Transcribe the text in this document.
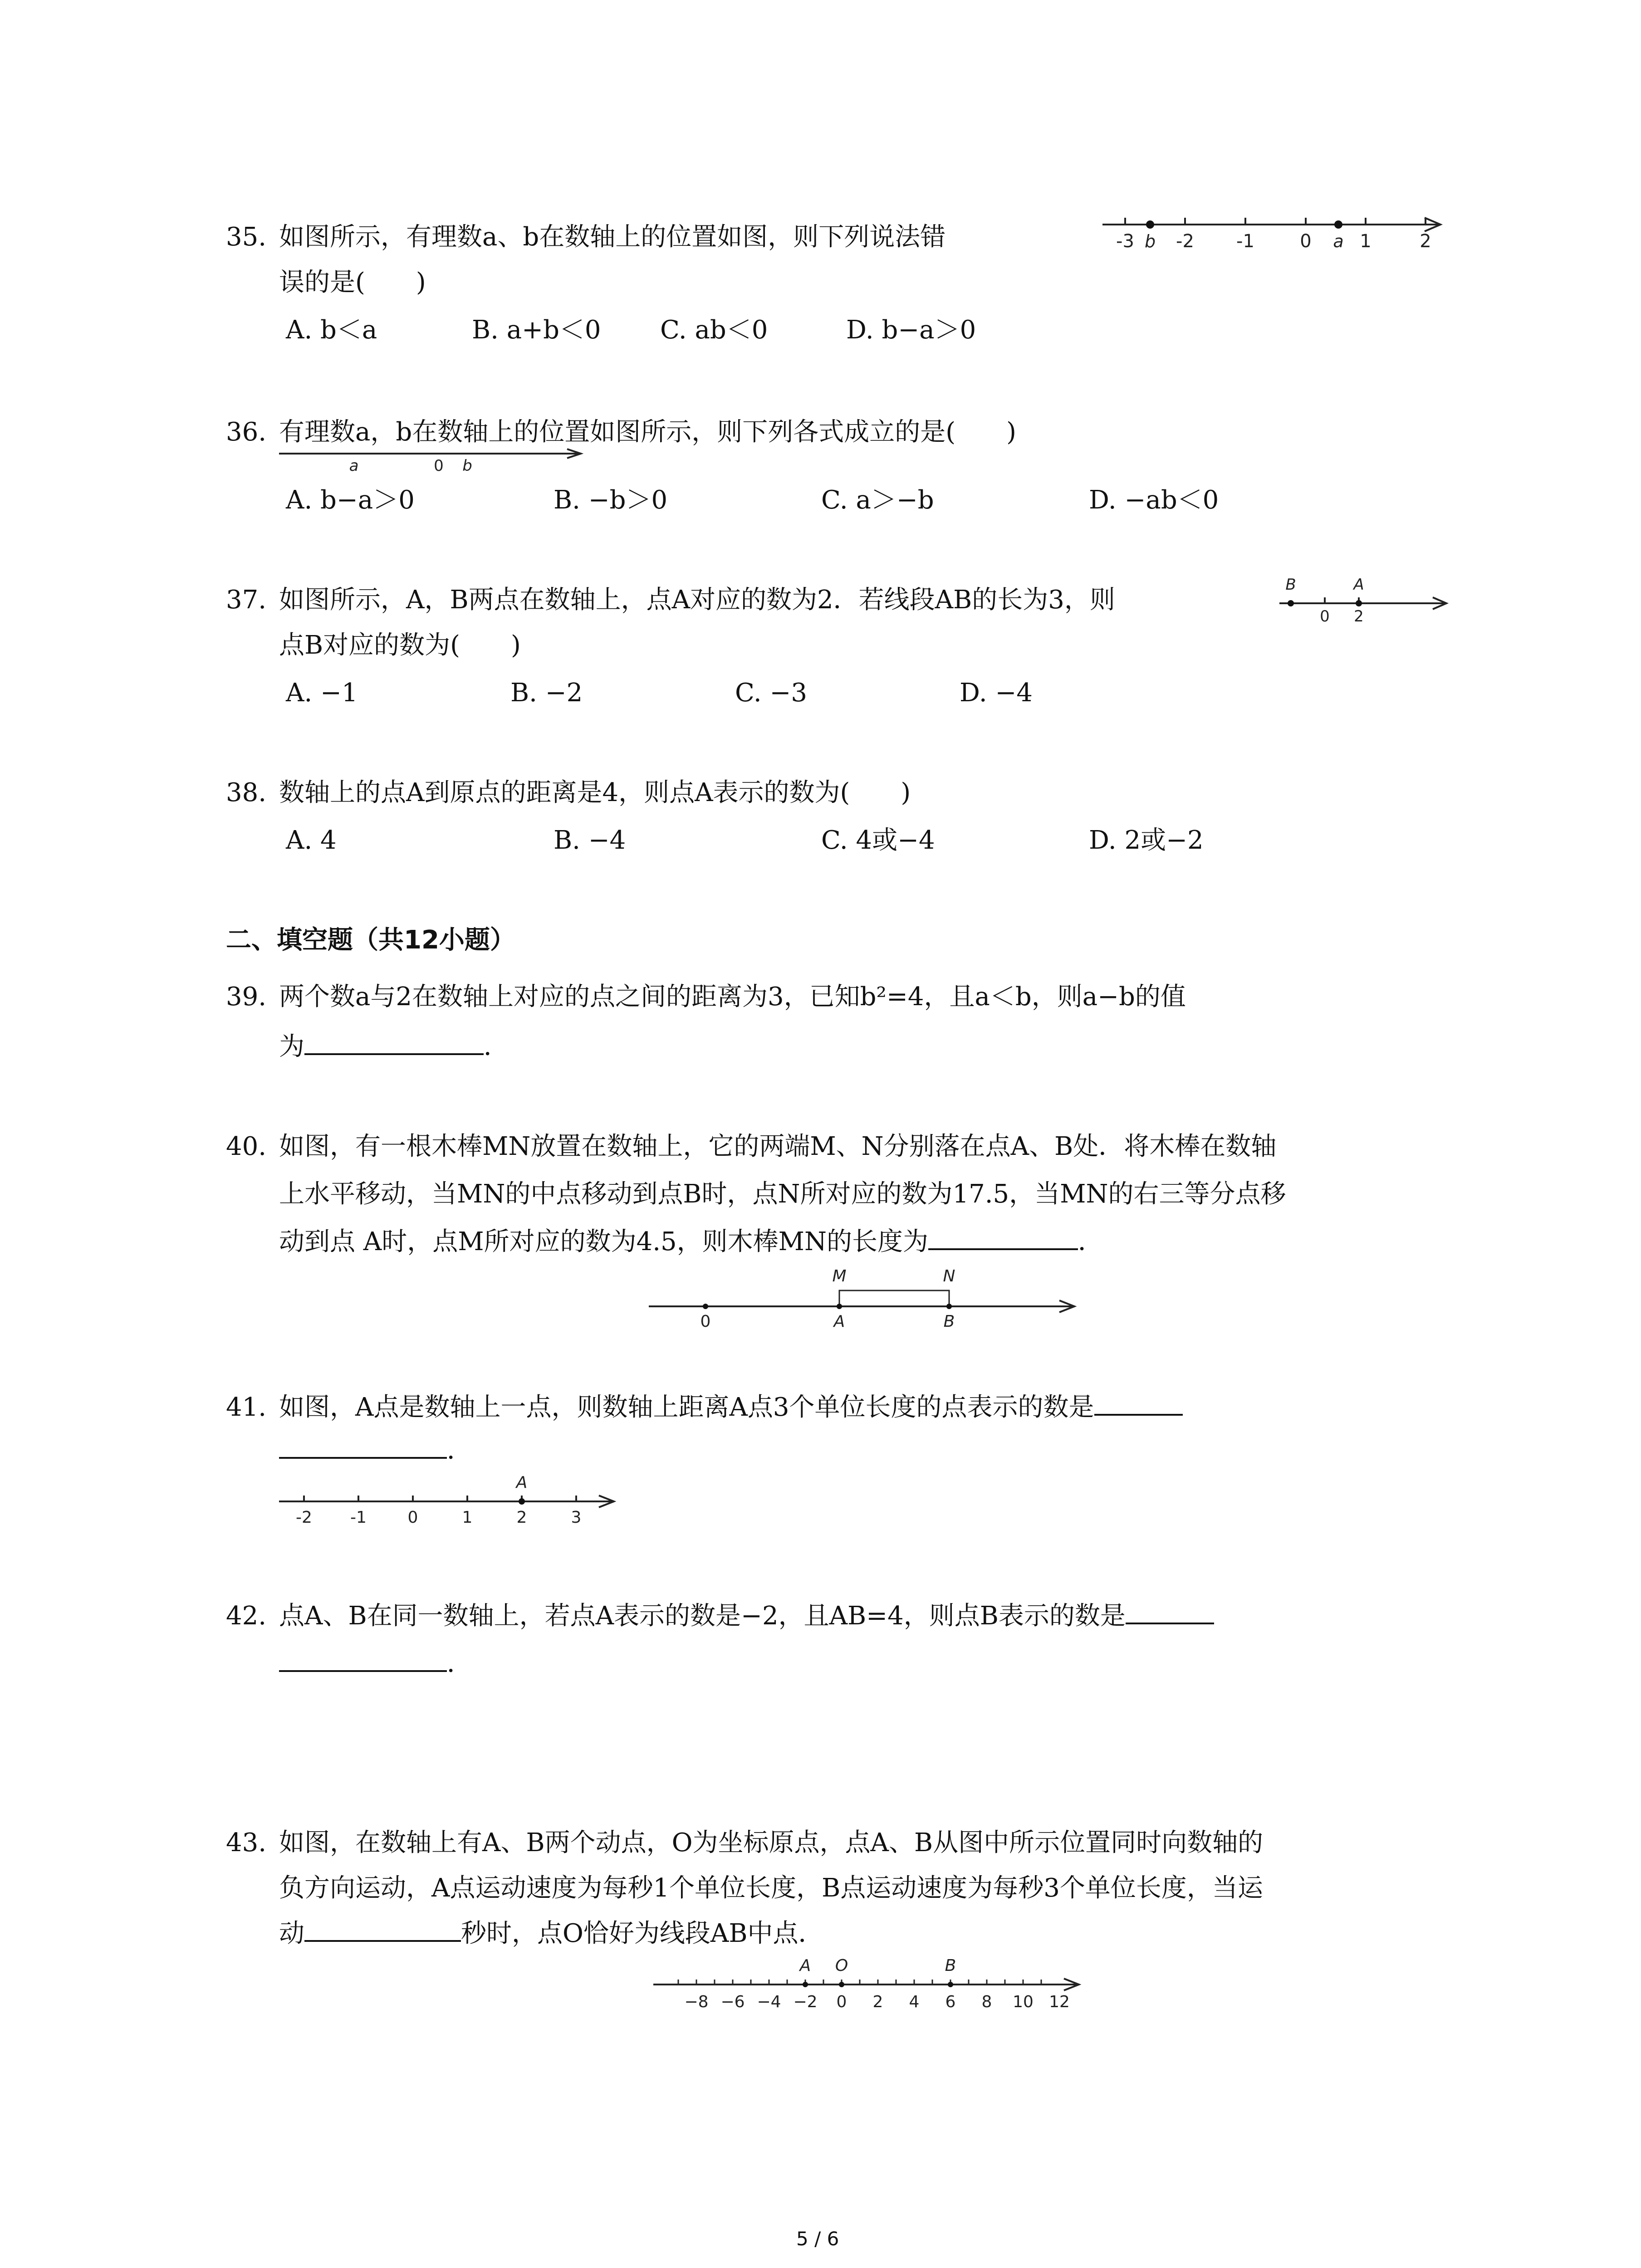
35. 如图所示，有理数a、b在数轴上的位置如图，则下列说法错
误的是(　　)
A. b＜a	B. a+b＜0 C. ab＜0	D. b−a＞0
-3 -2 -1	0	1	2
b	a
36. 有理数a，b在数轴上的位置如图所示，则下列各式成立的是(　　)
a	0 b
A. b−a＞0	B. −b＞0	C. a＞−b	D. −ab＜0
37. 如图所示，A，B两点在数轴上，点A对应的数为2．若线段AB的长为3，则
点B对应的数为(　　)
B	A
0 2
A. −1	B. −2	C. −3	D. −4
38. 数轴上的点A到原点的距离是4，则点A表示的数为(　　)
A. 4	B. −4	C. 4或−4	D. 2或−2
二、填空题（共12小题）
39. 两个数a与2在数轴上对应的点之间的距离为3，已知b²=4，且a＜b，则a−b的值
为	．
40. 如图，有一根木棒MN放置在数轴上，它的两端M、N分别落在点A、B处．将木棒在数轴
上水平移动，当MN的中点移动到点B时，点N所对应的数为17.5，当MN的右三等分点移
动到点 A时，点M所对应的数为4.5，则木棒MN的长度为	．
M	N
0	A	B
41. 如图，A点是数轴上一点，则数轴上距离A点3个单位长度的点表示的数是
．
A
-2 -1	0	1	2	3
42. 点A、B在同一数轴上，若点A表示的数是−2，且AB=4，则点B表示的数是
．
43. 如图，在数轴上有A、B两个动点，O为坐标原点，点A、B从图中所示位置同时向数轴的
负方向运动，A点运动速度为每秒1个单位长度，B点运动速度为每秒3个单位长度，当运
动	秒时，点O恰好为线段AB中点．
A O	B
−8 −6 −4 −2 0 2 4 6 8 10 12
5 / 6
